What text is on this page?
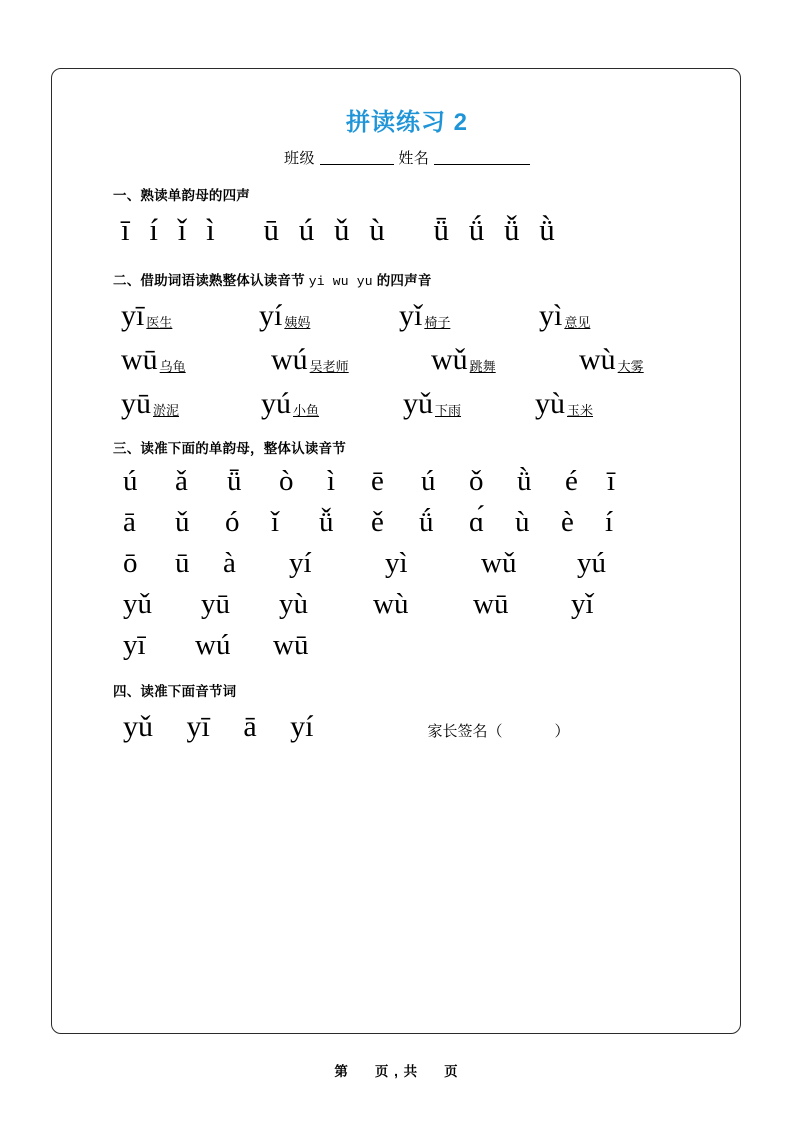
拼读练习 2
班级	姓名
一、熟读单韵母的四声
ī í ǐ ì ū ú ǔ ù ǖ ǘ ǚ ǜ
二、借助词语读熟整体认读音节 yi wu yu 的四声音
yī 医生	yí 姨妈	yǐ 椅子	yì 意见
wū 乌龟	wú 吴老师	wǔ 跳舞	wù 大雾
yū 淤泥	yú 小鱼	yǔ 下雨 yù 玉米
三、读准下面的单韵母，整体认读音节
ú	ǎ	ǖ	ò	ì	ē	ú	ǒ	ǜ	é	ī
ā	ǔ	ó	ǐ	ǚ	ě	ǘ	ɑ́	ù	è	í
ō	ū	à	yí	yì	wǔ	yú
yǔ	yū	yù	wù	wū	yǐ
yī	wú	wū
四、读准下面音节词
yǔ yī ā yí	家长签名（	）
第 页 , 共 页
